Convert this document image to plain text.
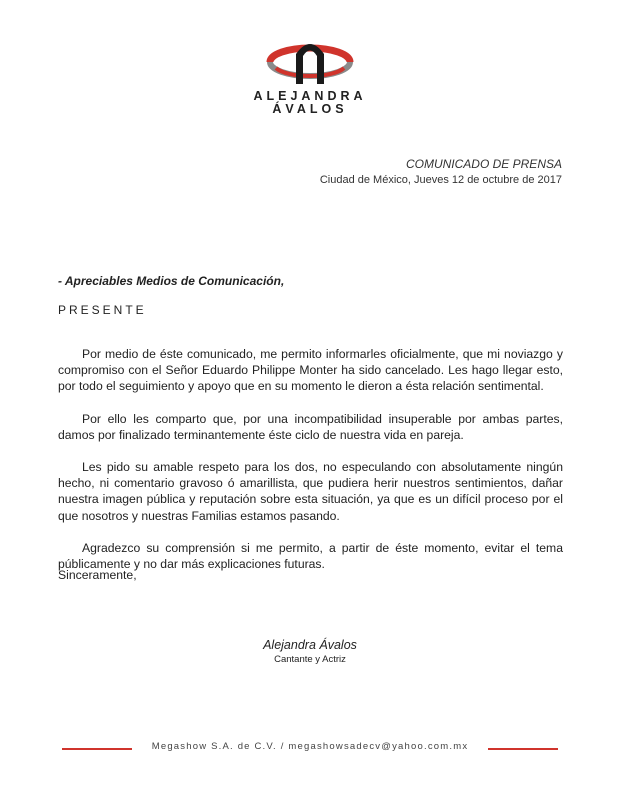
ALEJANDRA
ÁVALOS
COMUNICADO DE PRENSA
Ciudad de México, Jueves 12 de octubre de 2017
- Apreciables Medios de Comunicación,
PRESENTE

Por medio de éste comunicado, me permito informarles oficialmente, que mi noviazgo y compromiso con el Señor Eduardo Philippe Monter ha sido cancelado. Les hago llegar esto, por todo el seguimiento y apoyo que en su momento le dieron a ésta relación sentimental.

Por ello les comparto que, por una incompatibilidad insuperable por ambas partes, damos por finalizado terminantemente éste ciclo de nuestra vida en pareja.

Les pido su amable respeto para los dos, no especulando con absolutamente ningún hecho, ni comentario gravoso ó amarillista, que pudiera herir nuestros sentimientos, dañar nuestra imagen pública y reputación sobre esta situación, ya que es un difícil proceso por el que nosotros y nuestras Familias estamos pasando.

Agradezco su comprensión si me permito, a partir de éste momento, evitar el tema públicamente y no dar más explicaciones futuras.

Sinceramente,
Alejandra Ávalos
Cantante y Actriz
Megashow S.A. de C.V. / megashowsadecv@yahoo.com.mx
